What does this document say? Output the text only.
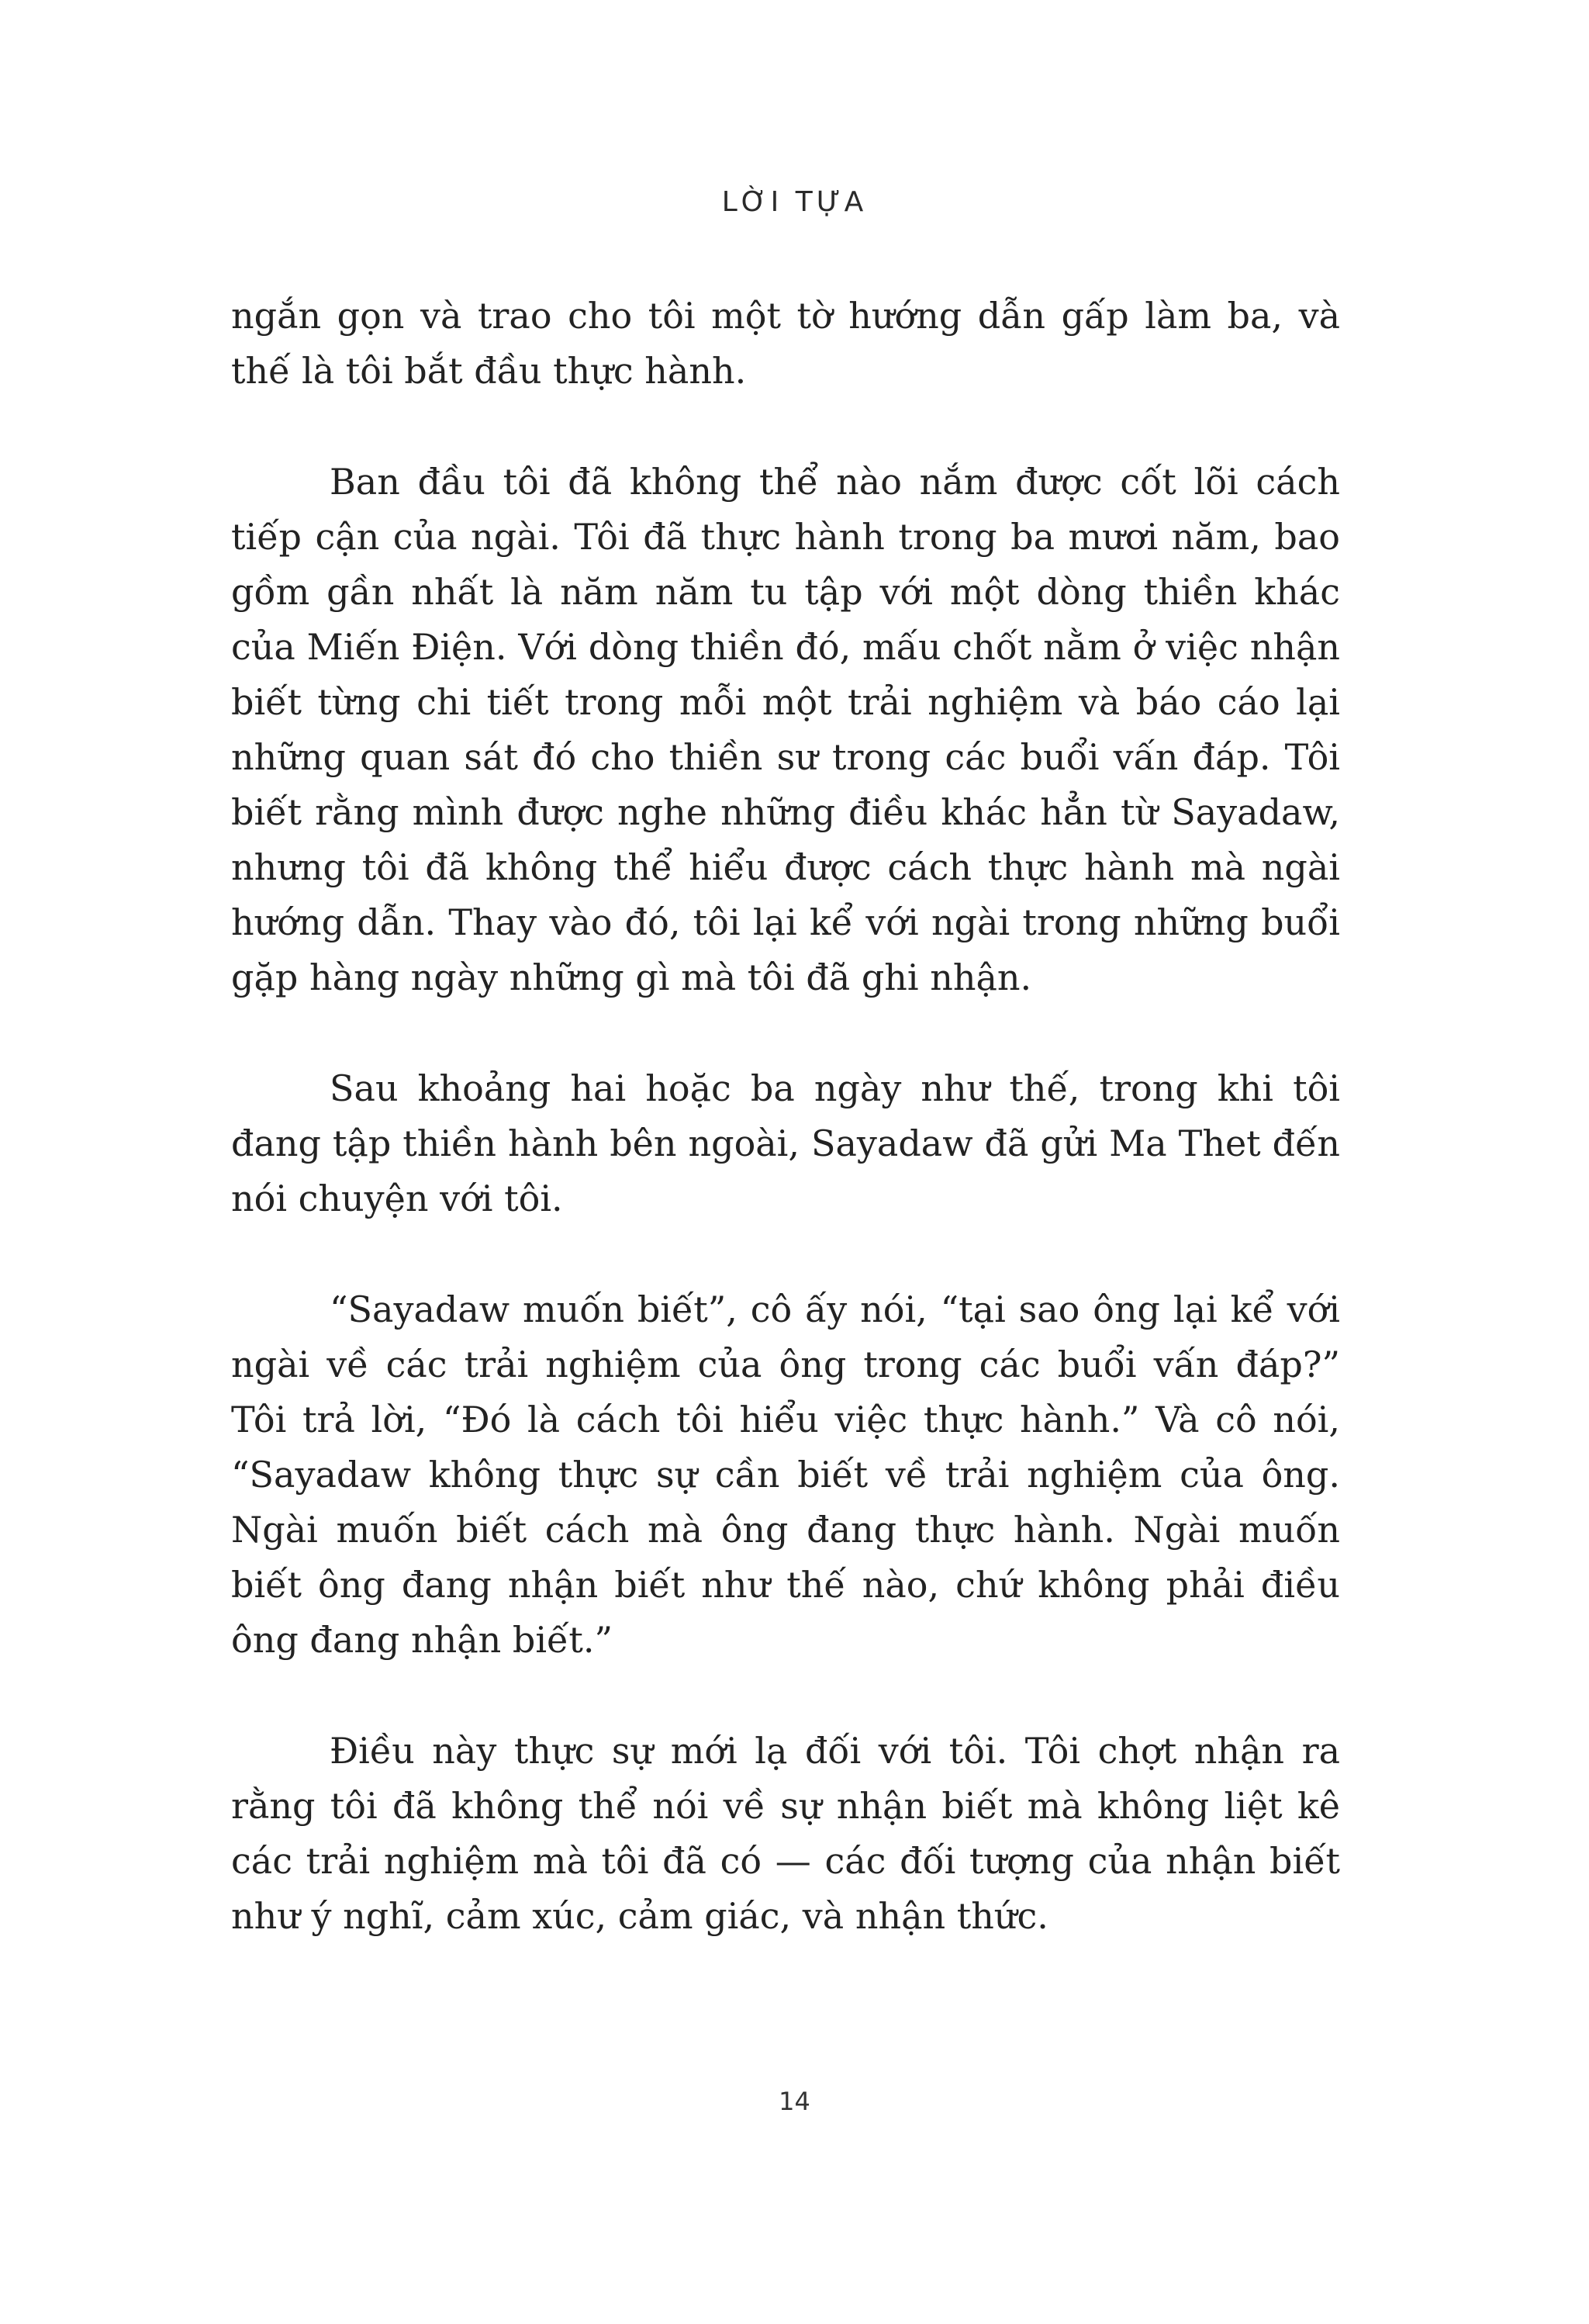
LỜI TỰA

ngắn gọn và trao cho tôi một tờ hướng dẫn gấp làm ba, và thế là tôi bắt đầu thực hành.

Ban đầu tôi đã không thể nào nắm được cốt lõi cách tiếp cận của ngài. Tôi đã thực hành trong ba mươi năm, bao gồm gần nhất là năm năm tu tập với một dòng thiền khác của Miến Điện. Với dòng thiền đó, mấu chốt nằm ở việc nhận biết từng chi tiết trong mỗi một trải nghiệm và báo cáo lại những quan sát đó cho thiền sư trong các buổi vấn đáp. Tôi biết rằng mình được nghe những điều khác hẳn từ Sayadaw, nhưng tôi đã không thể hiểu được cách thực hành mà ngài hướng dẫn. Thay vào đó, tôi lại kể với ngài trong những buổi gặp hàng ngày những gì mà tôi đã ghi nhận.

Sau khoảng hai hoặc ba ngày như thế, trong khi tôi đang tập thiền hành bên ngoài, Sayadaw đã gửi Ma Thet đến nói chuyện với tôi.

“Sayadaw muốn biết”, cô ấy nói, “tại sao ông lại kể với ngài về các trải nghiệm của ông trong các buổi vấn đáp?” Tôi trả lời, “Đó là cách tôi hiểu việc thực hành.” Và cô nói, “Sayadaw không thực sự cần biết về trải nghiệm của ông. Ngài muốn biết cách mà ông đang thực hành. Ngài muốn biết ông đang nhận biết như thế nào, chứ không phải điều ông đang nhận biết.”

Điều này thực sự mới lạ đối với tôi. Tôi chợt nhận ra rằng tôi đã không thể nói về sự nhận biết mà không liệt kê các trải nghiệm mà tôi đã có — các đối tượng của nhận biết như ý nghĩ, cảm xúc, cảm giác, và nhận thức.

14
